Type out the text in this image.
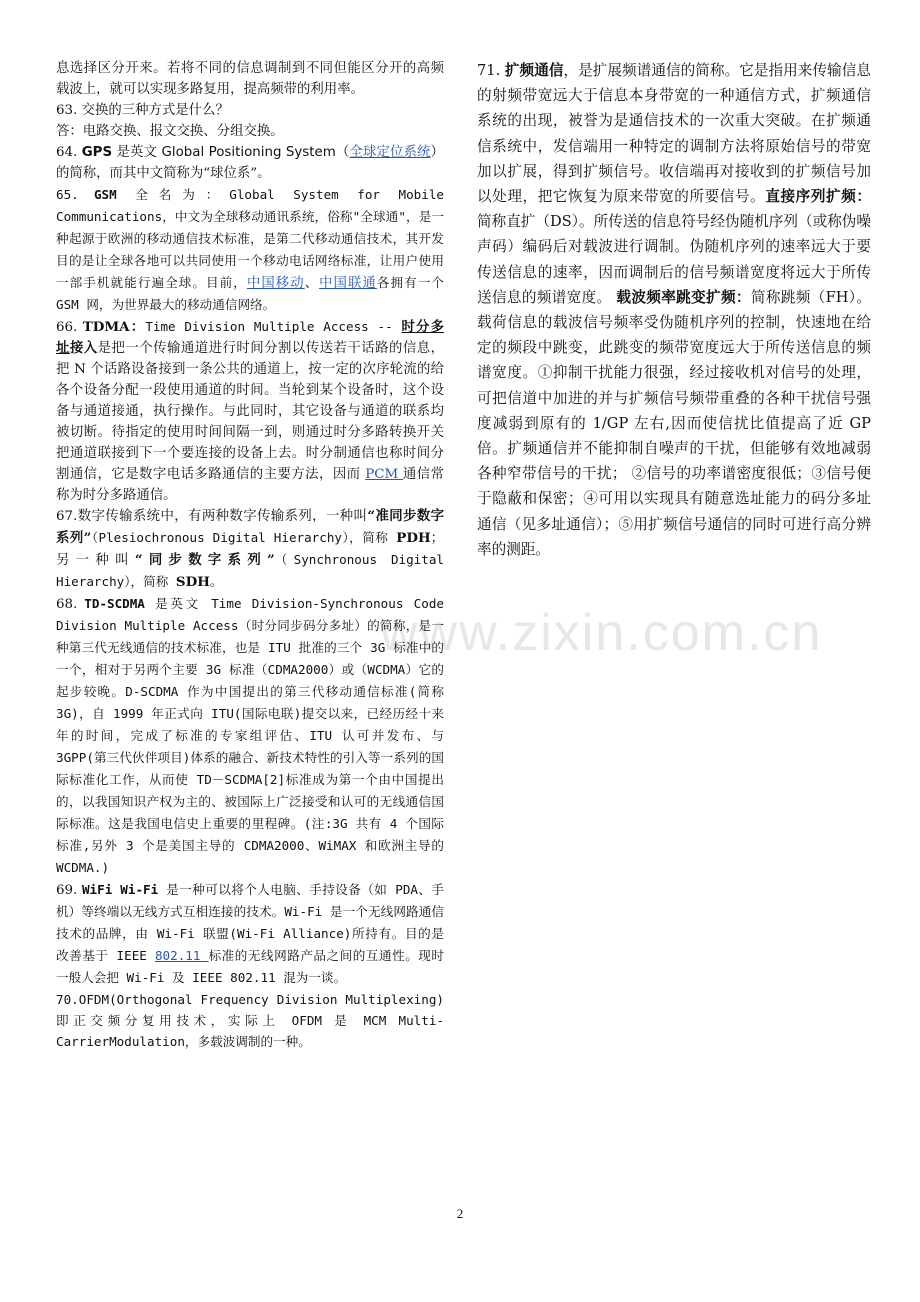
www.zixin.com.cn

息选择区分开来。若将不同的信息调制到不同但能区分开的高频载波上，就可以实现多路复用，提高频带的利用率。

63. 交换的三种方式是什么？

答：电路交换、报文交换、分组交换。

64. GPS 是英文 Global Positioning System（全球定位系统）的简称，而其中文简称为“球位系”。

65. GSM 全名为：Global System for Mobile Communications，中文为全球移动通讯系统，俗称"全球通"，是一种起源于欧洲的移动通信技术标准，是第二代移动通信技术，其开发目的是让全球各地可以共同使用一个移动电话网络标准，让用户使用一部手机就能行遍全球。目前，中国移动、中国联通各拥有一个 GSM 网，为世界最大的移动通信网络。

66. TDMA：Time Division Multiple Access -- 时分多址接入是把一个传输通道进行时间分割以传送若干话路的信息，把 N 个话路设备接到一条公共的通道上，按一定的次序轮流的给各个设备分配一段使用通道的时间。当轮到某个设备时，这个设备与通道接通，执行操作。与此同时，其它设备与通道的联系均被切断。待指定的使用时间间隔一到，则通过时分多路转换开关把通道联接到下一个要连接的设备上去。时分制通信也称时间分割通信，它是数字电话多路通信的主要方法，因而 PCM 通信常称为时分多路通信。

67.数字传输系统中，有两种数字传输系列，一种叫“准同步数字系列”（Plesiochronous Digital Hierarchy），简称 PDH；另一种叫“同步数字系列”（Synchronous Digital Hierarchy），简称 SDH。

68. TD-SCDMA 是英文 Time Division-Synchronous Code Division Multiple Access（时分同步码分多址）的简称，是一种第三代无线通信的技术标准，也是 ITU 批准的三个 3G 标准中的一个，相对于另两个主要 3G 标准（CDMA2000）或（WCDMA）它的起步较晚。D-SCDMA 作为中国提出的第三代移动通信标准(简称 3G)，自 1999 年正式向 ITU(国际电联)提交以来，已经历经十来年的时间，完成了标准的专家组评估、ITU 认可并发布、与 3GPP(第三代伙伴项目)体系的融合、新技术特性的引入等一系列的国际标准化工作，从而使 TD－SCDMA[2]标准成为第一个由中国提出的，以我国知识产权为主的、被国际上广泛接受和认可的无线通信国际标准。这是我国电信史上重要的里程碑。(注:3G 共有 4 个国际标准,另外 3 个是美国主导的 CDMA2000、WiMAX 和欧洲主导的 WCDMA.)

69. WiFi Wi-Fi 是一种可以将个人电脑、手持设备（如 PDA、手机）等终端以无线方式互相连接的技术。Wi-Fi 是一个无线网路通信技术的品牌，由 Wi-Fi 联盟(Wi-Fi Alliance)所持有。目的是改善基于 IEEE 802.11 标准的无线网路产品之间的互通性。现时一般人会把 Wi-Fi 及 IEEE 802.11 混为一谈。

70.OFDM(Orthogonal Frequency Division Multiplexing)即正交频分复用技术，实际上 OFDM 是 MCM Multi-CarrierModulation，多载波调制的一种。

71. 扩频通信，是扩展频谱通信的简称。它是指用来传输信息的射频带宽远大于信息本身带宽的一种通信方式，扩频通信系统的出现，被誉为是通信技术的一次重大突破。在扩频通信系统中，发信端用一种特定的调制方法将原始信号的带宽加以扩展，得到扩频信号。收信端再对接收到的扩频信号加以处理，把它恢复为原来带宽的所要信号。直接序列扩频：简称直扩（DS）。所传送的信息符号经伪随机序列（或称伪噪声码）编码后对载波进行调制。伪随机序列的速率远大于要传送信息的速率，因而调制后的信号频谱宽度将远大于所传送信息的频谱宽度。 载波频率跳变扩频：简称跳频（FH）。载荷信息的载波信号频率受伪随机序列的控制，快速地在给定的频段中跳变，此跳变的频带宽度远大于所传送信息的频谱宽度。①抑制干扰能力很强，经过接收机对信号的处理，可把信道中加进的并与扩频信号频带重叠的各种干扰信号强度减弱到原有的 1/GP 左右,因而使信扰比值提高了近 GP 倍。扩频通信并不能抑制自噪声的干扰，但能够有效地减弱各种窄带信号的干扰； ②信号的功率谱密度很低；③信号便于隐蔽和保密；④可用以实现具有随意选址能力的码分多址通信（见多址通信）；⑤用扩频信号通信的同时可进行高分辨率的测距。

2
